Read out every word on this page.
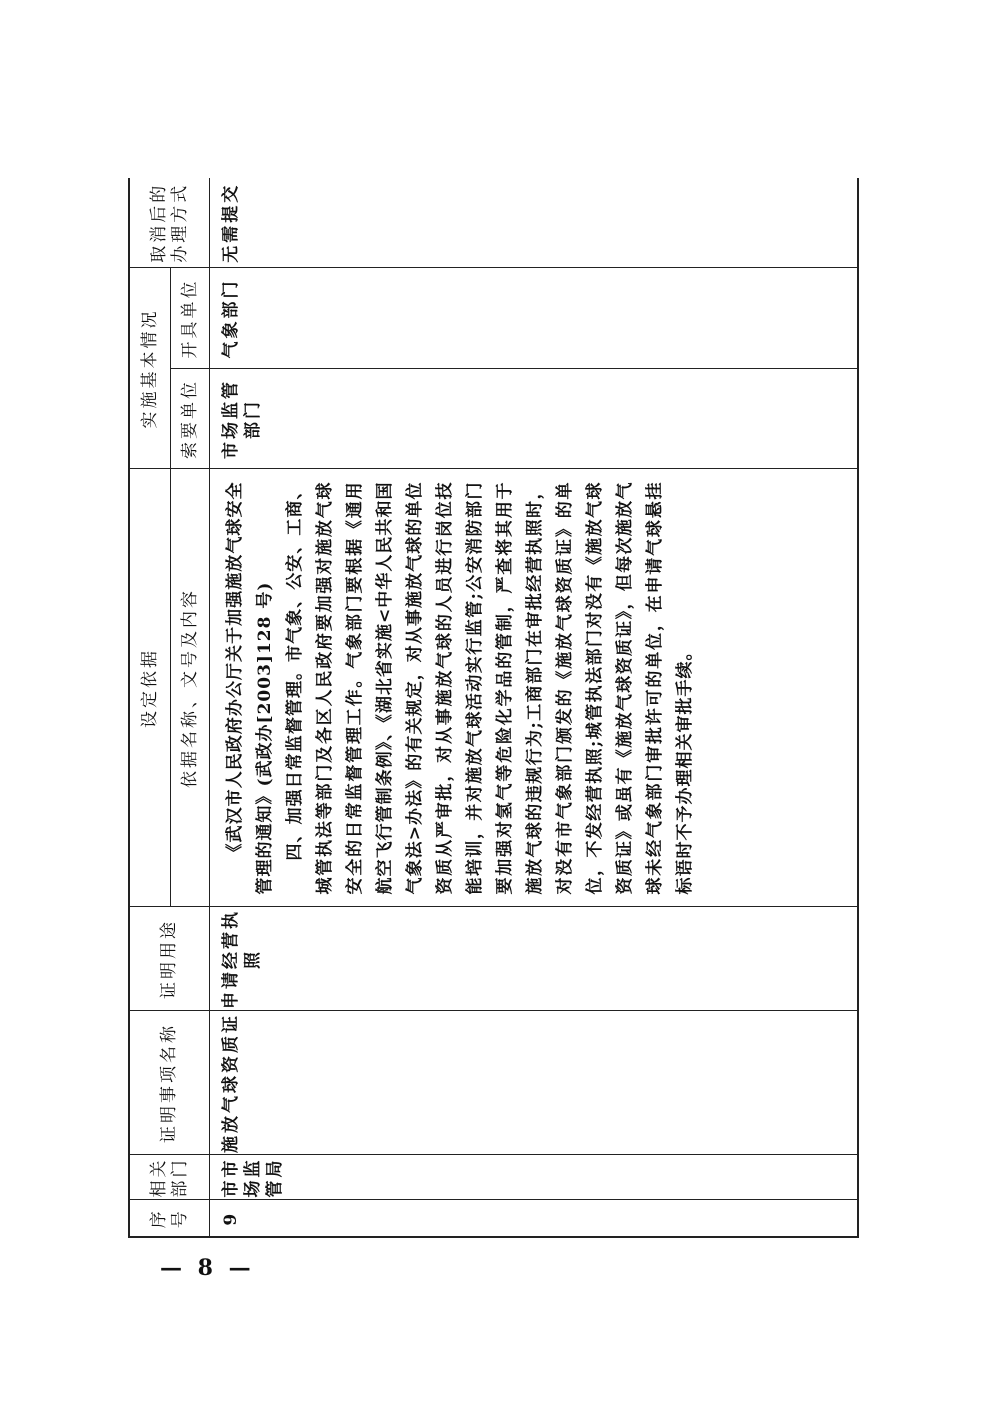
序号	相关部门	证明事项名称	证明用途	设定依据	实施基本情况		取消后的办理方式
				依据名称、文号及内容	索要单位	开具单位	

9	市市场监管局	施放气球资质证	申请经营执照	《武汉市人民政府办公厅关于加强施放气球安全管理的通知》(武政办[2003]128 号) 四、加强日常监督管理。市气象、公安、工商、城管执法等部门及各区人民政府要加强对施放气球安全的日常监督管理工作。气象部门要根据《通用航空飞行管制条例》、《湖北省实施<中华人民共和国气象法>办法》的有关规定，对从事施放气球的单位资质从严审批，对从事施放气球的人员进行岗位技能培训，并对施放气球活动实行监管;公安消防部门要加强对氢气等危险化学品的管制，严查将其用于施放气球的违规行为;工商部门在审批经营执照时，对没有市气象部门颁发的《施放气球资质证》的单位，不发经营执照;城管执法部门对没有《施放气球资质证》或虽有《施放气球资质证》，但每次施放气球未经气象部门审批许可的单位，在申请气球悬挂标语时不予办理相关审批手续。	市场监管部门	气象部门	无需提交
— 8 —
